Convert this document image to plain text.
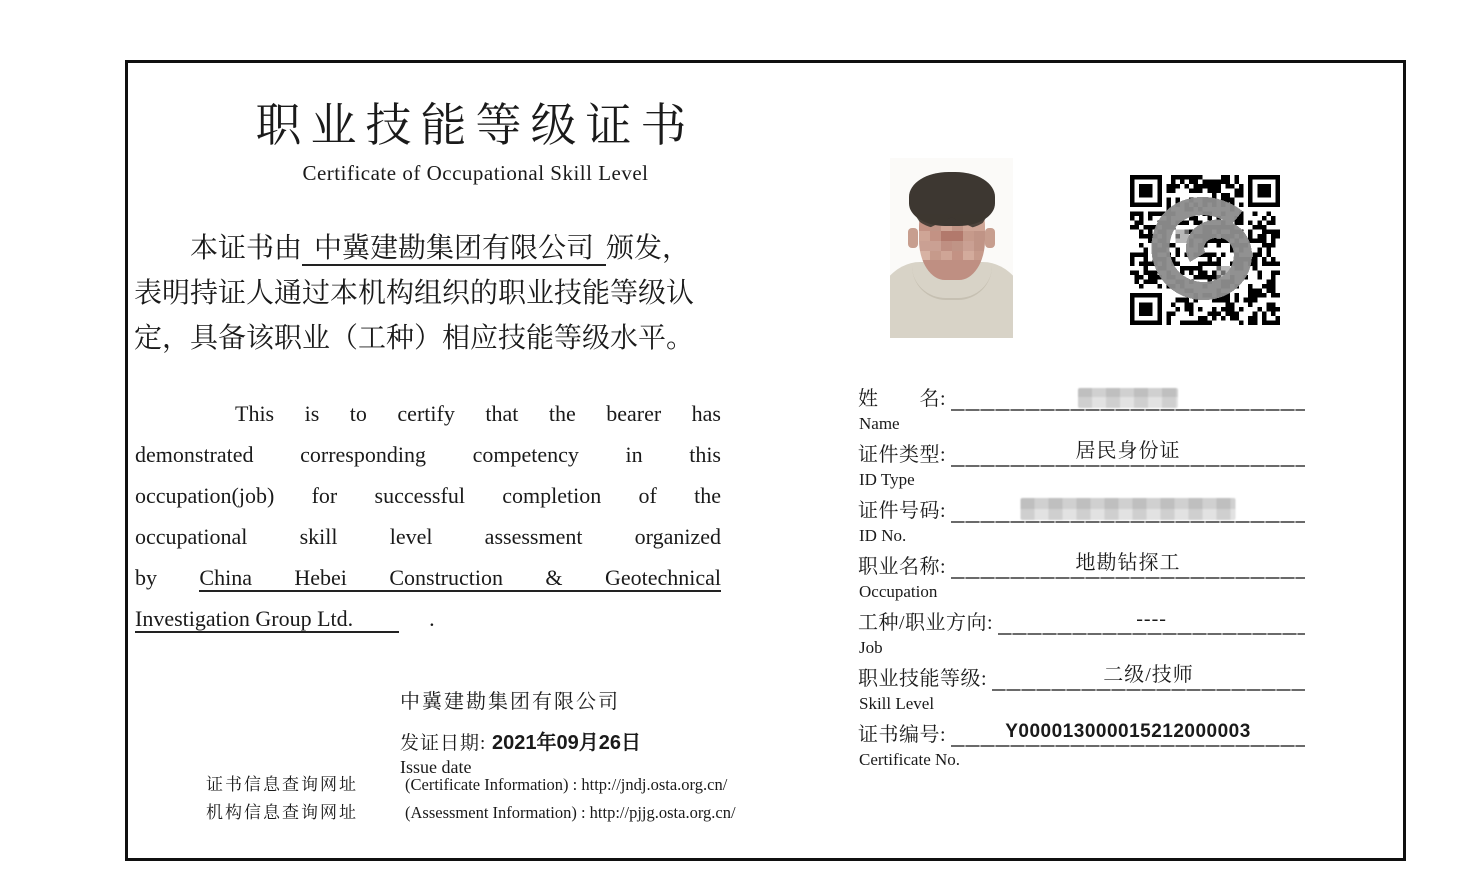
职业技能等级证书
Certificate of Occupational Skill Level
本证书由 中冀建勘集团有限公司 颁发，
表明持证人通过本机构组织的职业技能等级认
定，具备该职业（工种）相应技能等级水平。
This is to certify that the bearer has
demonstrated corresponding competency in this
occupation(job) for successful completion of the
occupational skill level assessment organized
by China Hebei Construction & Geotechnical
Investigation Group Ltd.	.
中冀建勘集团有限公司
发证日期: 2021年09月26日
Issue date
证书信息查询网址	(Certificate Information) : http://jndj.osta.org.cn/
机构信息查询网址	(Assessment Information) : http://pjjg.osta.org.cn/
姓　　名:
Name
证件类型:	居民身份证
ID Type
证件号码:
ID No.
职业名称:	地勘钻探工
Occupation
工种/职业方向:	----
Job
职业技能等级:	二级/技师
Skill Level
证书编号:	Y000013000015212000003
Certificate No.
